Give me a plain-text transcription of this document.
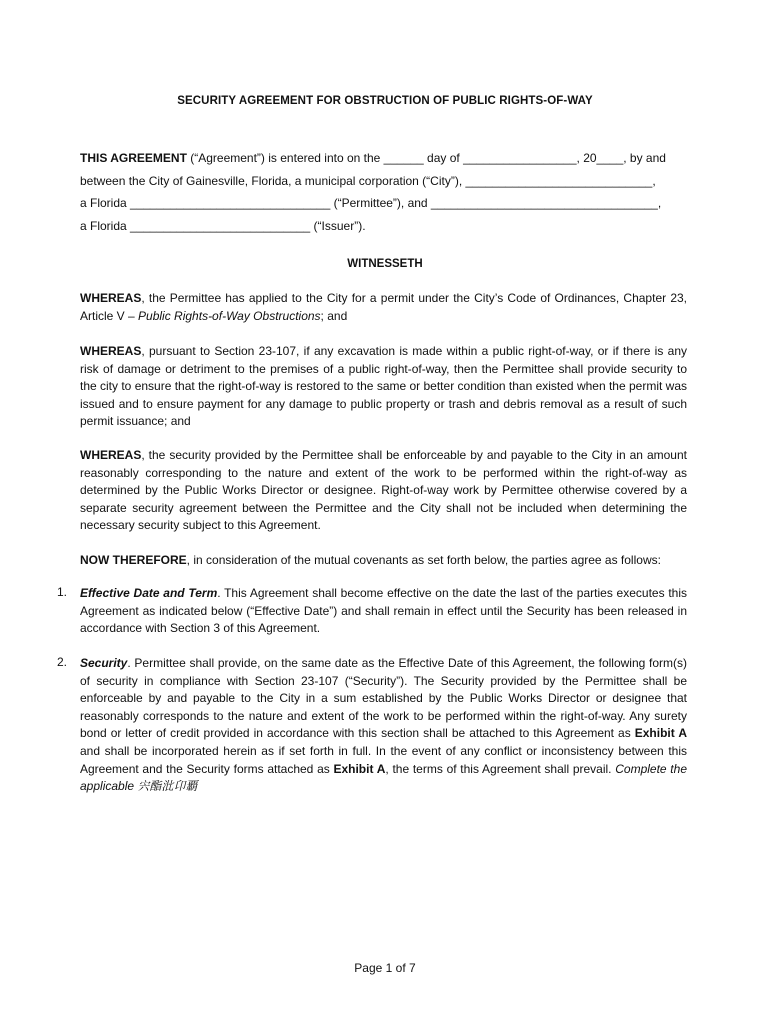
SECURITY AGREEMENT FOR OBSTRUCTION OF PUBLIC RIGHTS-OF-WAY
THIS AGREEMENT (“Agreement”) is entered into on the ______ day of _________________, 20____, by and
between the City of Gainesville, Florida, a municipal corporation (“City”), ____________________________,
a Florida ______________________________ (“Permittee”), and __________________________________,
a Florida ___________________________ (“Issuer”).
WITNESSETH
WHEREAS, the Permittee has applied to the City for a permit under the City’s Code of Ordinances, Chapter 23, Article V – Public Rights-of-Way Obstructions; and
WHEREAS, pursuant to Section 23-107, if any excavation is made within a public right-of-way, or if there is any risk of damage or detriment to the premises of a public right-of-way, then the Permittee shall provide security to the city to ensure that the right-of-way is restored to the same or better condition than existed when the permit was issued and to ensure payment for any damage to public property or trash and debris removal as a result of such permit issuance; and
WHEREAS, the security provided by the Permittee shall be enforceable by and payable to the City in an amount reasonably corresponding to the nature and extent of the work to be performed within the right-of-way as determined by the Public Works Director or designee. Right-of-way work by Permittee otherwise covered by a separate security agreement between the Permittee and the City shall not be included when determining the necessary security subject to this Agreement.
NOW THEREFORE, in consideration of the mutual covenants as set forth below, the parties agree as follows:
1. Effective Date and Term. This Agreement shall become effective on the date the last of the parties executes this Agreement as indicated below (“Effective Date”) and shall remain in effect until the Security has been released in accordance with Section 3 of this Agreement.
2. Security. Permittee shall provide, on the same date as the Effective Date of this Agreement, the following form(s) of security in compliance with Section 23-107 (“Security”). The Security provided by the Permittee shall be enforceable by and payable to the City in a sum established by the Public Works Director or designee that reasonably corresponds to the nature and extent of the work to be performed within the right-of-way. Any surety bond or letter of credit provided in accordance with this section shall be attached to this Agreement as Exhibit A and shall be incorporated herein as if set forth in full. In the event of any conflict or inconsistency between this Agreement and the Security forms attached as Exhibit A, the terms of this Agreement shall prevail. Complete the applicable 宍酯沘卬覇
Page 1 of 7
